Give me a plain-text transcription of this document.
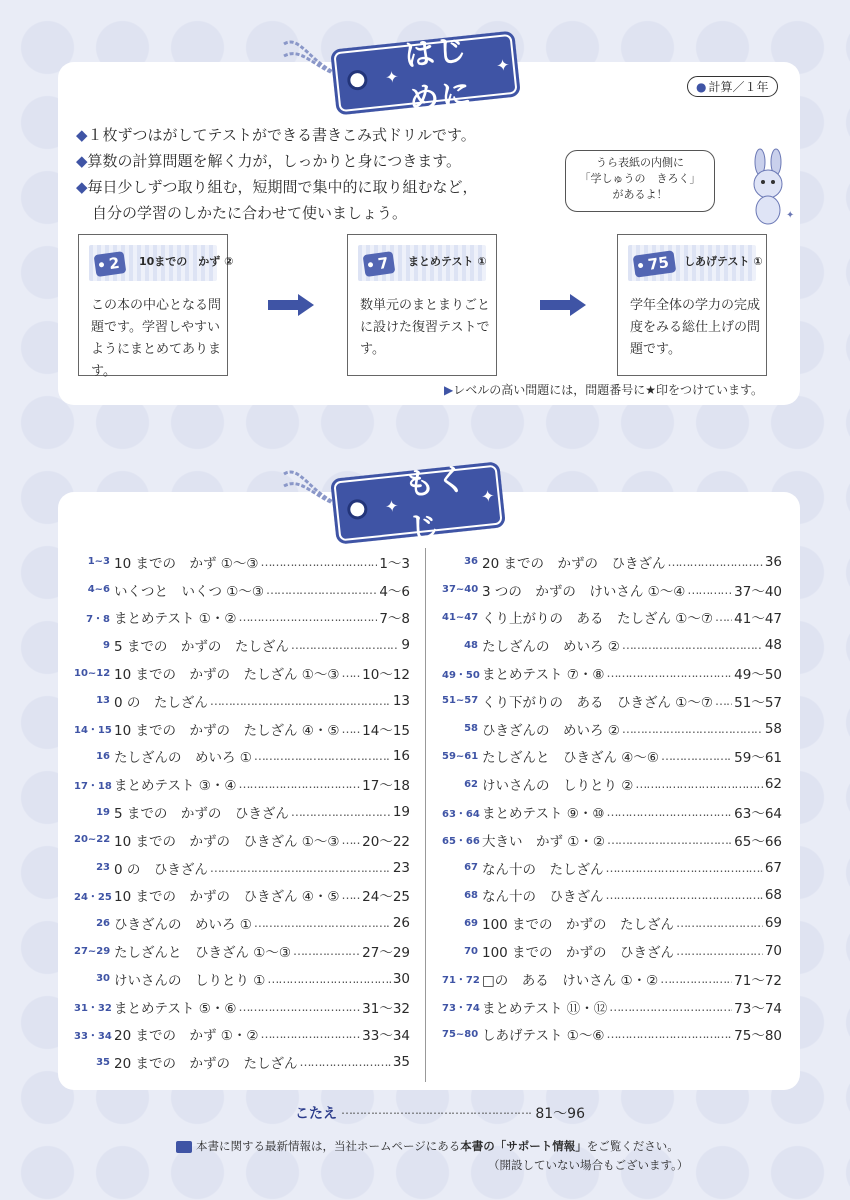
✦
はじめに
✦
● 計算／１年
◆１枚ずつはがしてテストができる書きこみ式ドリルです。
◆算数の計算問題を解く力が，しっかりと身につきます。
◆毎日少しずつ取り組む，短期間で集中的に取り組むなど，
自分の学習のしかたに合わせて使いましょう。
うら表紙の内側に
「学しゅうの　きろく」
があるよ！
✦
2	10までの　かず ②
この本の中心となる問題です。学習しやすいようにまとめてあります。
7	まとめテスト ①
数単元のまとまりごとに設けた復習テストです。
75	しあげテスト ①
学年全体の学力の完成度をみる総仕上げの問題です。
▶レベルの高い問題には，問題番号に★印をつけています。
✦
もくじ
✦
1~3 10 までの　かず ①～③ ………………………………………………………………………………	1～3
4~6 いくつと　いくつ ①～③ ………………………………………………………………………………	4～6
7・8 まとめテスト ①・② ………………………………………………………………………………	7～8
9 5 までの　かずの　たしざん ………………………………………………………………………………	9
10~12 10 までの　かずの　たしざん ①～③ ……………………………………………………………………………… 10～12
13 0 の　たしざん ………………………………………………………………………………	13
14・15 10 までの　かずの　たしざん ④・⑤ ……………………………………………………………………………… 14～15
16 たしざんの　めいろ ① ………………………………………………………………………………	16
17・18 まとめテスト ③・④ ………………………………………………………………………………	17～18
19 5 までの　かずの　ひきざん ………………………………………………………………………………	19
20~22 10 までの　かずの　ひきざん ①～③ ……………………………………………………………………………… 20～22
23 0 の　ひきざん ………………………………………………………………………………	23
24・25 10 までの　かずの　ひきざん ④・⑤ ……………………………………………………………………………… 24～25
26 ひきざんの　めいろ ① ………………………………………………………………………………	26
27~29 たしざんと　ひきざん ①～③ ………………………………………………………………………………	27～29
30 けいさんの　しりとり ① ………………………………………………………………………………	30
31・32 まとめテスト ⑤・⑥ ………………………………………………………………………………	31～32
33・34 20 までの　かず ①・② ………………………………………………………………………………	33～34
35 20 までの　かずの　たしざん ………………………………………………………………………………	35
36 20 までの　かずの　ひきざん ………………………………………………………………………………	36
37~40 3 つの　かずの　けいさん ①～④ ………………………………………………………………………………	37～40
41~47 くり上がりの　ある　たしざん ①～⑦ ……………………………………………………………………………… 41～47
48 たしざんの　めいろ ② ………………………………………………………………………………	48
49・50 まとめテスト ⑦・⑧ ………………………………………………………………………………	49～50
51~57 くり下がりの　ある　ひきざん ①～⑦ ……………………………………………………………………………… 51～57
58 ひきざんの　めいろ ② ………………………………………………………………………………	58
59~61 たしざんと　ひきざん ④～⑥ ………………………………………………………………………………	59～61
62 けいさんの　しりとり ② ………………………………………………………………………………	62
63・64 まとめテスト ⑨・⑩ ………………………………………………………………………………	63～64
65・66 大きい　かず ①・② ………………………………………………………………………………	65～66
67 なん十の　たしざん ………………………………………………………………………………	67
68 なん十の　ひきざん ………………………………………………………………………………	68
69 100 までの　かずの　たしざん ………………………………………………………………………………	69
70 100 までの　かずの　ひきざん ………………………………………………………………………………	70
71・72 □の　ある　けいさん ①・② ………………………………………………………………………………	71～72
73・74 まとめテスト ⑪・⑫ ………………………………………………………………………………	73～74
75~80 しあげテスト ①～⑥ ………………………………………………………………………………	75～80
こたえ ………………………………………………………………	81～96
本書に関する最新情報は，当社ホームページにある本書の「サポート情報」をご覧ください。
（開設していない場合もございます。）
